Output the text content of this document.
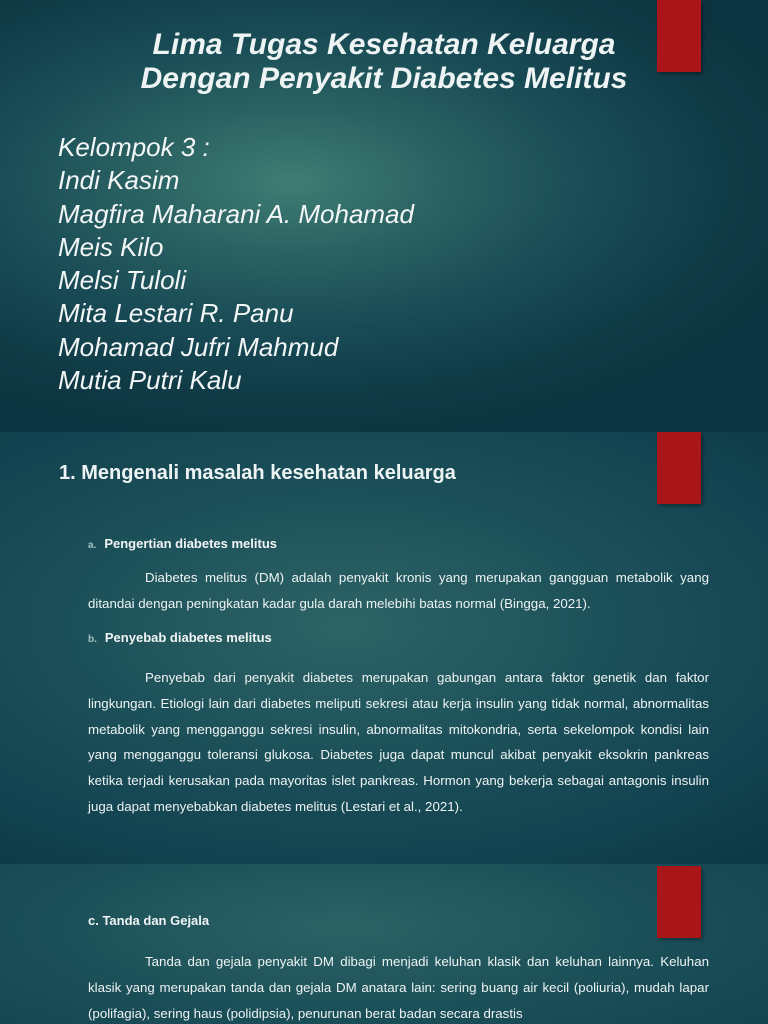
Lima Tugas Kesehatan Keluarga
Dengan Penyakit Diabetes Melitus
Kelompok 3 :
Indi Kasim
Magfira Maharani A. Mohamad
Meis Kilo
Melsi Tuloli
Mita Lestari R. Panu
Mohamad Jufri Mahmud
Mutia Putri Kalu
1. Mengenali masalah kesehatan keluarga
a. Pengertian diabetes melitus

Diabetes melitus (DM) adalah penyakit kronis yang merupakan gangguan metabolik yang ditandai dengan peningkatan kadar gula darah melebihi batas normal (Bingga, 2021).

b. Penyebab diabetes melitus

Penyebab dari penyakit diabetes merupakan gabungan antara faktor genetik dan faktor lingkungan. Etiologi lain dari diabetes meliputi sekresi atau kerja insulin yang tidak normal, abnormalitas metabolik yang mengganggu sekresi insulin, abnormalitas mitokondria, serta sekelompok kondisi lain yang mengganggu toleransi glukosa. Diabetes juga dapat muncul akibat penyakit eksokrin pankreas ketika terjadi kerusakan pada mayoritas islet pankreas. Hormon yang bekerja sebagai antagonis insulin juga dapat menyebabkan diabetes melitus (Lestari et al., 2021).

c. Tanda dan Gejala

Tanda dan gejala penyakit DM dibagi menjadi keluhan klasik dan keluhan lainnya. Keluhan klasik yang merupakan tanda dan gejala DM anatara lain: sering buang air kecil (poliuria), mudah lapar (polifagia), sering haus (polidipsia), penurunan berat badan secara drastis
